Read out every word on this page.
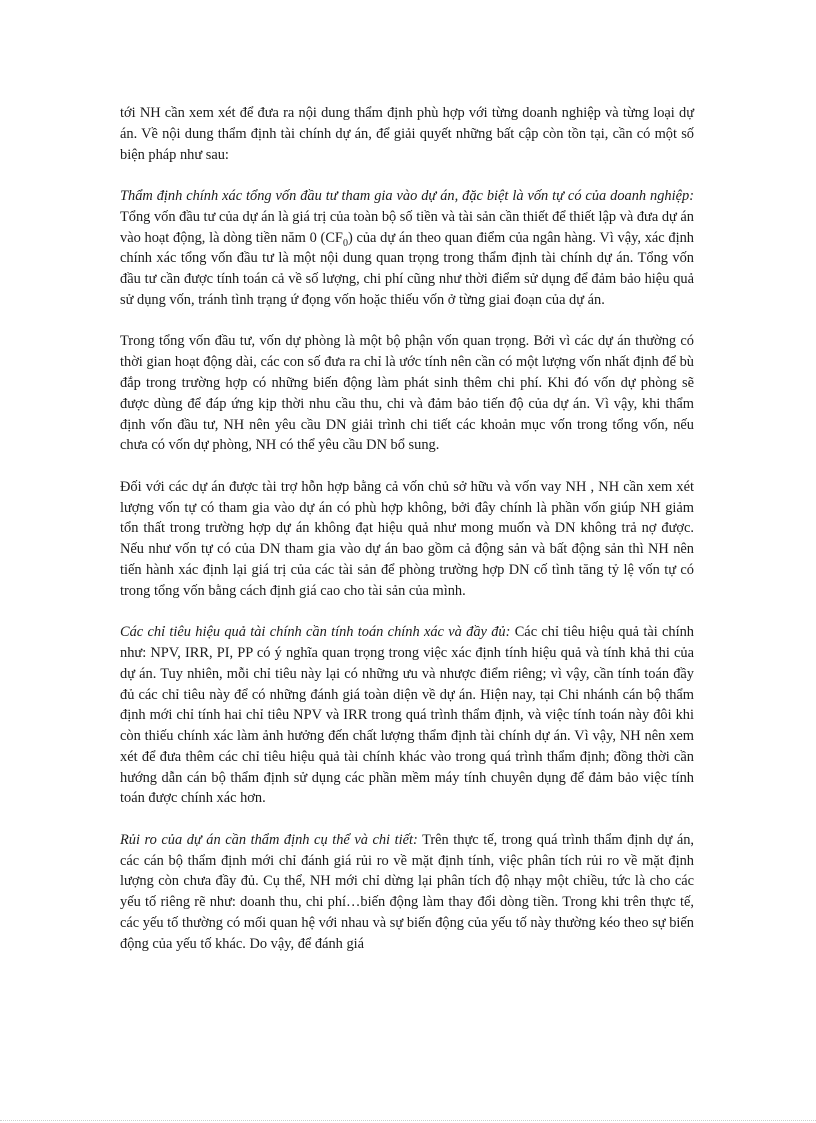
tới NH cần xem xét để đưa ra nội dung thẩm định phù hợp với từng doanh nghiệp và từng loại dự án. Về nội dung thẩm định tài chính dự án, để giải quyết những bất cập còn tồn tại, cần có một số biện pháp như sau:

Thẩm định chính xác tổng vốn đầu tư tham gia vào dự án, đặc biệt là vốn tự có của doanh nghiệp: Tổng vốn đầu tư của dự án là giá trị của toàn bộ số tiền và tài sản cần thiết để thiết lập và đưa dự án vào hoạt động, là dòng tiền năm 0 $(CF_0)$ của dự án theo quan điểm của ngân hàng. Vì vậy, xác định chính xác tổng vốn đầu tư là một nội dung quan trọng trong thẩm định tài chính dự án. Tổng vốn đầu tư cần được tính toán cả về số lượng, chi phí cũng như thời điểm sử dụng để đảm bảo hiệu quả sử dụng vốn, tránh tình trạng ứ đọng vốn hoặc thiếu vốn ở từng giai đoạn của dự án.

Trong tổng vốn đầu tư, vốn dự phòng là một bộ phận vốn quan trọng. Bởi vì các dự án thường có thời gian hoạt động dài, các con số đưa ra chỉ là ước tính nên cần có một lượng vốn nhất định để bù đắp trong trường hợp có những biến động làm phát sinh thêm chi phí. Khi đó vốn dự phòng sẽ được dùng để đáp ứng kịp thời nhu cầu thu, chi và đảm bảo tiến độ của dự án. Vì vậy, khi thẩm định vốn đầu tư, NH nên yêu cầu DN giải trình chi tiết các khoản mục vốn trong tổng vốn, nếu chưa có vốn dự phòng, NH có thể yêu cầu DN bổ sung.

Đối với các dự án được tài trợ hỗn hợp bằng cả vốn chủ sở hữu và vốn vay NH , NH cần xem xét lượng vốn tự có tham gia vào dự án có phù hợp không, bởi đây chính là phần vốn giúp NH giảm tổn thất trong trường hợp dự án không đạt hiệu quả như mong muốn và DN không trả nợ được. Nếu như vốn tự có của DN tham gia vào dự án bao gồm cả động sản và bất động sản thì NH nên tiến hành xác định lại giá trị của các tài sản để phòng trường hợp DN cố tình tăng tỷ lệ vốn tự có trong tổng vốn bằng cách định giá cao cho tài sản của mình.

Các chỉ tiêu hiệu quả tài chính cần tính toán chính xác và đầy đủ: Các chỉ tiêu hiệu quả tài chính như: NPV, IRR, PI, PP có ý nghĩa quan trọng trong việc xác định tính hiệu quả và tính khả thi của dự án. Tuy nhiên, mỗi chỉ tiêu này lại có những ưu và nhược điểm riêng; vì vậy, cần tính toán đầy đủ các chỉ tiêu này để có những đánh giá toàn diện về dự án. Hiện nay, tại Chi nhánh cán bộ thẩm định mới chỉ tính hai chỉ tiêu NPV và IRR trong quá trình thẩm định, và việc tính toán này đôi khi còn thiếu chính xác làm ảnh hưởng đến chất lượng thẩm định tài chính dự án. Vì vậy, NH nên xem xét để đưa thêm các chỉ tiêu hiệu quả tài chính khác vào trong quá trình thẩm định; đồng thời cần hướng dẫn cán bộ thẩm định sử dụng các phần mềm máy tính chuyên dụng để đảm bảo việc tính toán được chính xác hơn.

Rủi ro của dự án cần thẩm định cụ thể và chi tiết: Trên thực tế, trong quá trình thẩm định dự án, các cán bộ thẩm định mới chỉ đánh giá rủi ro về mặt định tính, việc phân tích rủi ro về mặt định lượng còn chưa đầy đủ. Cụ thể, NH mới chỉ dừng lại phân tích độ nhạy một chiều, tức là cho các yếu tố riêng rẽ như: doanh thu, chi phí…biến động làm thay đổi dòng tiền. Trong khi trên thực tế, các yếu tố thường có mối quan hệ với nhau và sự biến động của yếu tố này thường kéo theo sự biến động của yếu tố khác. Do vậy, để đánh giá
